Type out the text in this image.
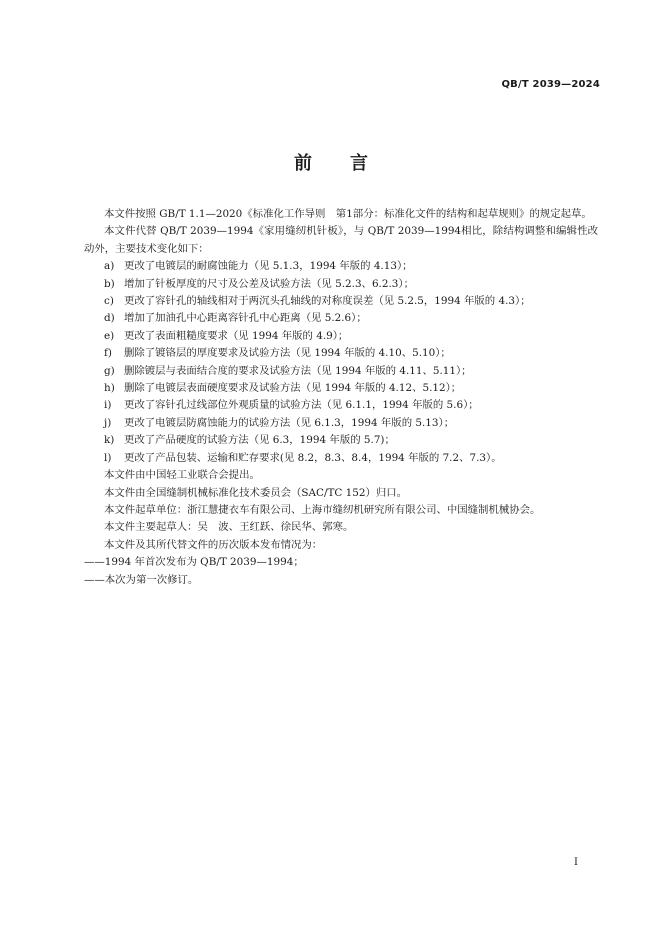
QB/T 2039—2024
前 言

本文件按照 GB/T 1.1—2020《标准化工作导则　第1部分：标准化文件的结构和起草规则》的规定起草。

本文件代替 QB/T 2039—1994《家用缝纫机针板》，与 QB/T 2039—1994相比，除结构调整和编辑性改动外，主要技术变化如下：

a) 更改了电镀层的耐腐蚀能力（见 5.1.3，1994 年版的 4.13）；
b) 增加了针板厚度的尺寸及公差及试验方法（见 5.2.3、6.2.3）；
c) 更改了容针孔的轴线相对于两沉头孔轴线的对称度误差（见 5.2.5，1994 年版的 4.3）；
d) 增加了加油孔中心距离容针孔中心距离（见 5.2.6）；
e) 更改了表面粗糙度要求（见 1994 年版的 4.9）；
f)	删除了镀铬层的厚度要求及试验方法（见 1994 年版的 4.10、5.10）；
g) 删除镀层与表面结合度的要求及试验方法（见 1994 年版的 4.11、5.11）；
h) 删除了电镀层表面硬度要求及试验方法（见 1994 年版的 4.12、5.12）；
i)	更改了容针孔过线部位外观质量的试验方法（见 6.1.1，1994 年版的 5.6）；
j)	更改了电镀层防腐蚀能力的试验方法（见 6.1.3，1994 年版的 5.13）；
k) 更改了产品硬度的试验方法（见 6.3，1994 年版的 5.7)；
l)	更改了产品包装、运输和贮存要求(见 8.2，8.3、8.4，1994 年版的 7.2、7.3）。

本文件由中国轻工业联合会提出。

本文件由全国缝制机械标准化技术委员会（SAC/TC 152）归口。

本文件起草单位：浙江慧捷衣车有限公司、上海市缝纫机研究所有限公司、中国缝制机械协会。

本文件主要起草人：吴　波、王红跃、徐民华、郭寒。

本文件及其所代替文件的历次版本发布情况为：

——1994 年首次发布为 QB/T 2039—1994；

——本次为第一次修订。

I
